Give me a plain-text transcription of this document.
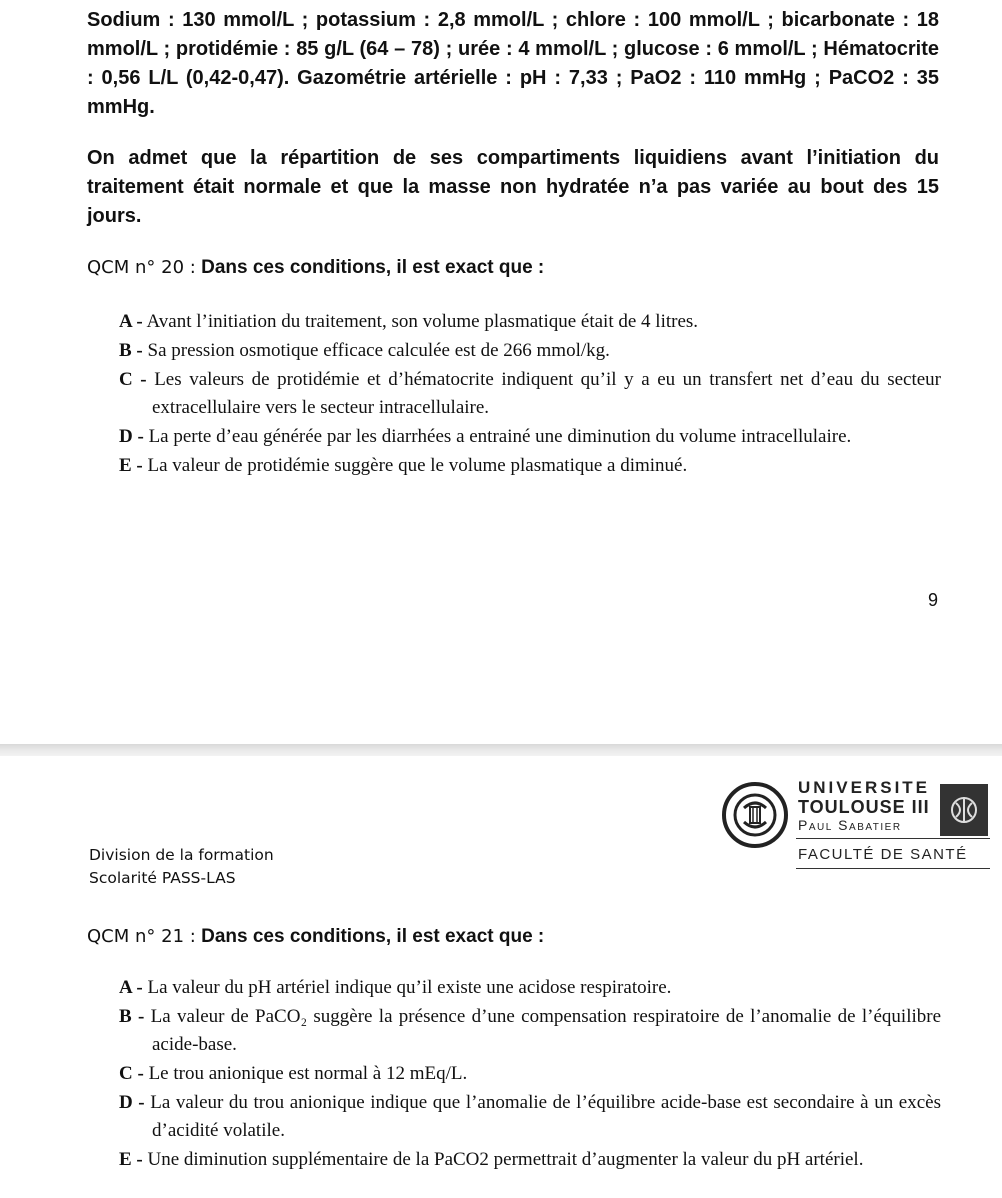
Sodium : 130 mmol/L ; potassium : 2,8 mmol/L ; chlore : 100 mmol/L ; bicarbonate : 18 mmol/L ; protidémie : 85 g/L (64 – 78) ; urée : 4 mmol/L ; glucose : 6 mmol/L ; Hématocrite : 0,56 L/L (0,42-0,47). Gazométrie artérielle : pH : 7,33 ; PaO2 : 110 mmHg ; PaCO2 : 35 mmHg.

On admet que la répartition de ses compartiments liquidiens avant l’initiation du traitement était normale et que la masse non hydratée n’a pas variée au bout des 15 jours.

QCM n° 20 : Dans ces conditions, il est exact que :

A - Avant l’initiation du traitement, son volume plasmatique était de 4 litres.
B - Sa pression osmotique efficace calculée est de 266 mmol/kg.
C - Les valeurs de protidémie et d’hématocrite indiquent qu’il y a eu un transfert net d’eau du secteur extracellulaire vers le secteur intracellulaire.
D - La perte d’eau générée par les diarrhées a entrainé une diminution du volume intracellulaire.
E - La valeur de protidémie suggère que le volume plasmatique a diminué.
9
Division de la formation
Scolarité PASS-LAS
UNIVERSITE
TOULOUSE III
Paul Sabatier
FACULTÉ DE SANTÉ

QCM n° 21 : Dans ces conditions, il est exact que :

A - La valeur du pH artériel indique qu’il existe une acidose respiratoire.
B - La valeur de PaCO₂ suggère la présence d’une compensation respiratoire de l’anomalie de l’équilibre acide-base.
C - Le trou anionique est normal à 12 mEq/L.
D - La valeur du trou anionique indique que l’anomalie de l’équilibre acide-base est secondaire à un excès d’acidité volatile.
E - Une diminution supplémentaire de la PaCO2 permettrait d’augmenter la valeur du pH artériel.
